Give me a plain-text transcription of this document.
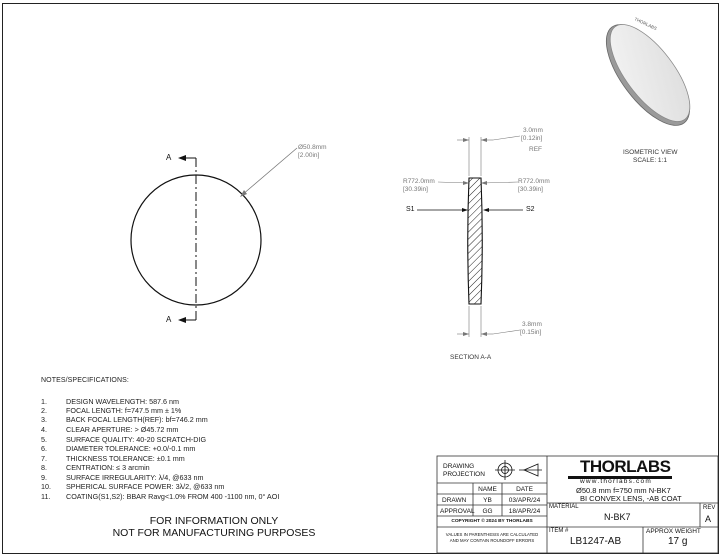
THORLABS
A
A
Ø50.8mm
[2.00in]
3.0mm
[0.12in]
REF
R772.0mm
[30.39in]
R772.0mm
[30.39in]
S1	S2
3.8mm
[0.15in]
SECTION A-A
ISOMETRIC VIEW
SCALE: 1:1
NOTES/SPECIFICATIONS:
1.	DESIGN WAVELENGTH: 587.6 nm
2.	FOCAL LENGTH: f=747.5 mm ± 1%
3.	BACK FOCAL LENGTH(REF): bf=746.2 mm
4.	CLEAR APERTURE: > Ø45.72 mm
5.	SURFACE QUALITY: 40-20 SCRATCH-DIG
6.	DIAMETER TOLERANCE: +0.0/-0.1 mm
7.	THICKNESS TOLERANCE: ±0.1 mm
8.	CENTRATION: ≤ 3 arcmin
9.	SURFACE IRREGULARITY: λ/4, @633 nm
10. SPHERICAL SURFACE POWER: 3λ/2, @633 nm
11. COATING(S1,S2): BBAR Ravg<1.0% FROM 400 -1100 nm, 0° AOI
FOR INFORMATION ONLY
NOT FOR MANUFACTURING PURPOSES
DRAWING PROJECTION
NAME	DATE
DRAWN	YB	03/APR/24
APPROVAL	GG	18/APR/24
COPYRIGHT © 2024 BY THORLABS
VALUES IN PARENTHESIS ARE CALCULATED
AND MAY CONTAIN ROUNDOFF ERRORS
THORLABS
www.thorlabs.com
Ø50.8 mm f=750 mm N-BK7
BI CONVEX LENS, -AB COAT
MATERIAL
N-BK7
REV
A
ITEM #
LB1247-AB
APPROX WEIGHT
17 g
